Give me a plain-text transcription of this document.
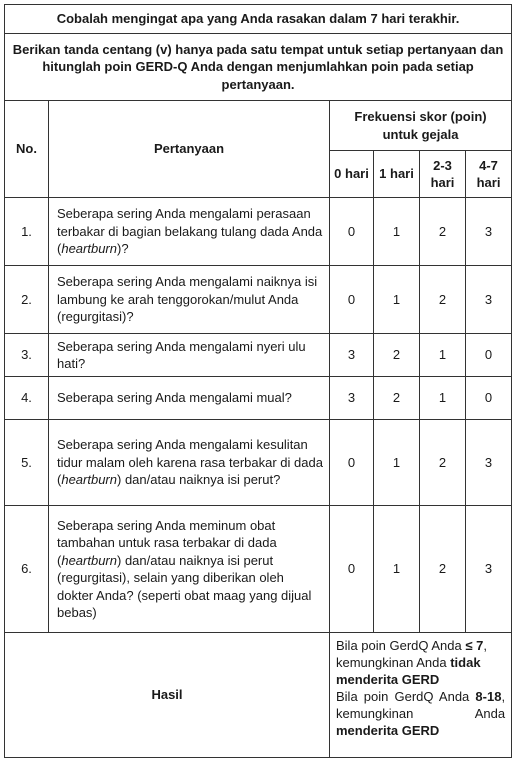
Cobalah mengingat apa yang Anda rasakan dalam 7 hari terakhir.					
Berikan tanda centang (v) hanya pada satu tempat untuk setiap pertanyaan dan hitunglah poin GERD-Q Anda dengan menjumlahkan poin pada setiap pertanyaan.					
No.	Pertanyaan	Frekuensi skor (poin) untuk gejala			
		0 hari	1 hari	2-3 hari	4-7 hari
1.	Seberapa sering Anda mengalami perasaan terbakar di bagian belakang tulang dada Anda (heartburn)?	0	1	2	3
2.	Seberapa sering Anda mengalami naiknya isi lambung ke arah tenggorokan/mulut Anda (regurgitasi)?	0	1	2	3
3.	Seberapa sering Anda mengalami nyeri ulu hati?	3	2	1	0
4.	Seberapa sering Anda mengalami mual?	3	2	1	0
5.	Seberapa sering Anda mengalami kesulitan tidur malam oleh karena rasa terbakar di dada (heartburn) dan/atau naiknya isi perut?	0	1	2	3
6.	Seberapa sering Anda meminum obat tambahan untuk rasa terbakar di dada (heartburn) dan/atau naiknya isi perut (regurgitasi), selain yang diberikan oleh dokter Anda? (seperti obat maag yang dijual bebas)	0	1	2	3
Hasil		Bila poin GerdQ Anda ≤ 7, kemungkinan Anda tidak menderita GERD
Bila poin GerdQ Anda 8-18, kemungkinan Anda menderita GERD			
